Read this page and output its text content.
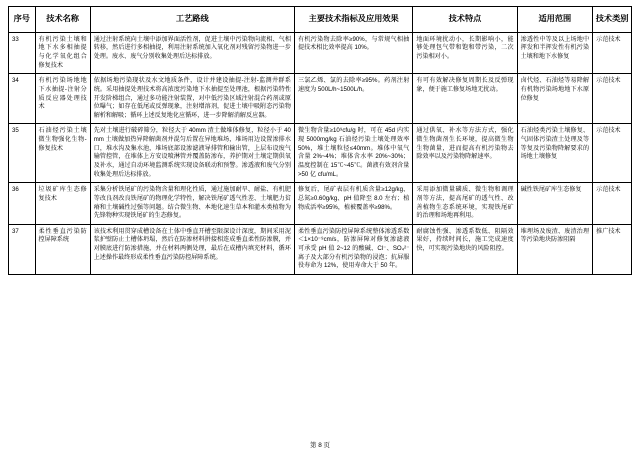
序号	技术名称	工艺路线	主要技术指标及应用效果	技术特点	适用范围	技术类别
33	有机污染土壤和地下水多相抽提与化学氧化组合修复技术	通过注射系统向土壤中添加界面活性剂，促进土壤中污染物向流相、气相转移，然后进行多相抽提，利用注射系统加入氧化剂对残留污染物进一步处理。废水、废气分别收集处理后达标排放。	有机污染物去除率≥90%，与常规气相抽提技术相比效率提高 10%。	地面环境扰动小，长期影响小，能够处理包气带和饱和带污染，二次污染相对小。	渗透性中等及以上场地中挥发和半挥发性有机污染土壤和地下水修复	示范技术
34	有机污染场地地下水抽提-注射分质反应器处理技术	依据场地污染现状及水文地质条件，设计并建设抽提-注射-监测井群系统。采用抽提处理技术将高浓度污染地下水抽提至处理池，根据污染特性开发阶梯组合，通过多功能注射装置，对中低污染区域注射混合药剂或原位曝气；如存在低尾或反弹现象，注射增溶剂，促进土壤中吸附态污染物解析和解吸；循环上述反复地化应循环，进一步降解消解反应器。	三氯乙烯、氯的去除率≥95%。药剂注射速度为 500L/h~1500L/h。	有可有效解决修复周期长及反弹现象，便于施工修复场地无扰动。	卤代烃、石油烃等易降解有机物污染场地地下水原位修复	示范技术
35	石油烃污染土壤微生物强化生物-修复技术	先对土壤进行破碎筛分，粒径大于 40mm 渣土做堆体修复，粒径小于 40mm 土壤做加热异降解菌剂并混匀后置在异地堆场，堆场用边设置渗排水口，堆水沟及集水池，堆场底部设渗滤液导排管和输出管，上层布设废气输管控管，在堆体上方安设喷淋管并覆盖防渗布，养护期对土壤定期供氧及补水，通过自动环境监测系统实现设备联动和预警。渗透液和废气分别收集处理后达标排放。	微生物含量≥10⁹cfu/g 时，可在 45d 内实现 5000mg/kg 石油烃污染土壤处理效率 50%，堆土壤粒径≤40mm。堆体中氧气含量 2%~4%；堆体含水率 20%~30%；温度控制在 15℃~45℃。菌液有效剂含量>50 亿 cfu/mL。	通过供氧、补水等方法方式，强化微生物菌剂生长环境，提高微生物生物菌量，进而提高有机污染物去除效率以及污染物降解速率。	石油烃类污染土壤修复、气固体污染渣土处理及等等复及污染物降解要求的场地土壤修复	示范技术
36	垃圾矿库生态修复技术	采集分析铁尾矿的污染物含量和理化性质，通过施加耐旱、耐盐、有机肥等改良剂改良铁尾矿的物理化学特性，解决铁尾矿透气性差、土壤肥力贫瘠和土壤碱性过强等问题。结合微生物、本地化速生草本和灌木类植物为先锋物种实现铁尾矿的生态修复。	修复后，尾矿表层有机质含量≥12g/kg、总氮≥0.60g/kg、pH 值降至 8.0 左右；植物成活率≥95%，植被覆盖率≥98%。	采用添加微量磷质、微生物和调理剂等方法，提高尾矿的透气性、改善植物生态系统环境，实现铁尾矿的治理和场地再利用。	碱性铁尾矿库生态修复	示范技术
37	柔性垂直污染防控屏障系统	该技术利用贯穿成槽设备在土体中垂直开槽至限深设计深度，期间采用泥浆护壁防止土槽体坍塌，然后在防渗材料拼接相连成垂直柔性防渗膜，并对膜底进行防渗措施，并在材料两侧处理，最后在成槽内填充材料，循环上述操作最终形成柔性垂直污染防控屏障系统。	柔性垂直污染防控屏障系统整体渗透系数＜1×10⁻⁹cm/s，防渗屏障对修复渗滤液可承受 pH 值 2~12 的酸碱、Cl⁻、SO₄²⁻离子及大部分有机污染物的浸泡；抗屏服役寿命为 12%，使用寿命大于 50 年。	耐腐蚀性强、渗透系数低、阻隔效果好，持续时间长，施工完成速度快，可实现污染地块的风险阻控。	堆埋场及废渣、废渣治理等污染地块防渗阻隔	推广技术
第 8 页
